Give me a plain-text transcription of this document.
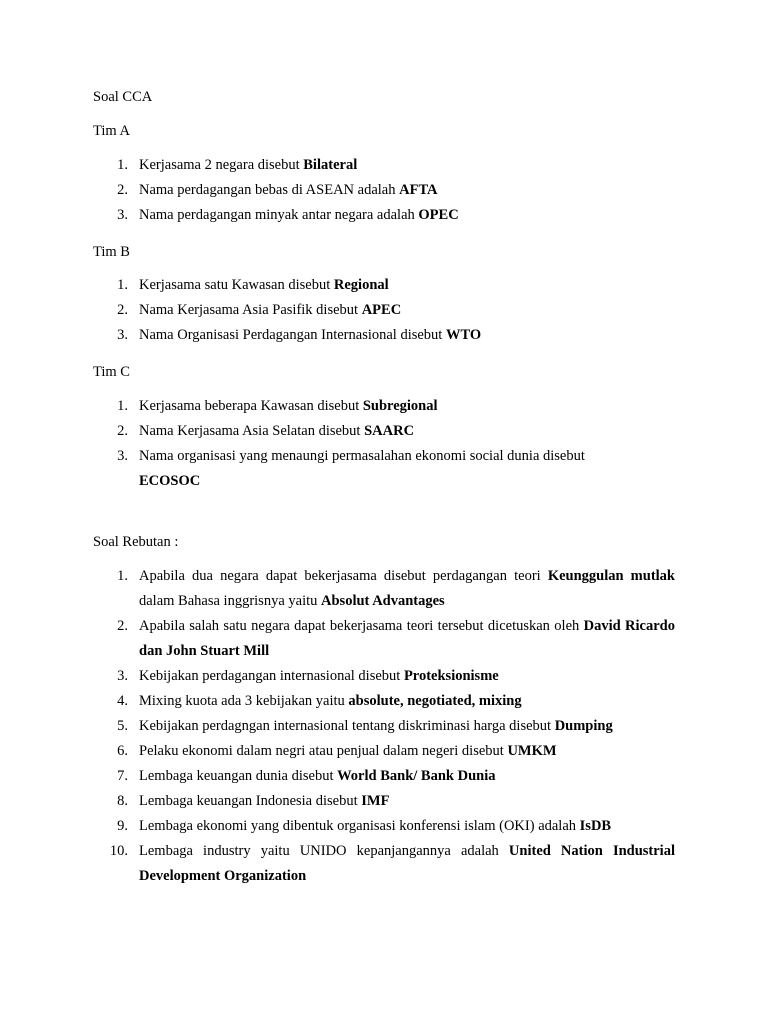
Soal CCA

Tim A

1. Kerjasama 2 negara disebut Bilateral
2. Nama perdagangan bebas di ASEAN adalah AFTA
3. Nama perdagangan minyak antar negara adalah OPEC

Tim B

1. Kerjasama satu Kawasan disebut Regional
2. Nama Kerjasama Asia Pasifik disebut APEC
3. Nama Organisasi Perdagangan Internasional disebut WTO

Tim C

1. Kerjasama beberapa Kawasan disebut Subregional
2. Nama Kerjasama Asia Selatan disebut SAARC
3. Nama organisasi yang menaungi permasalahan ekonomi social dunia disebut
ECOSOC

Soal Rebutan :

1. Apabila dua negara dapat bekerjasama disebut perdagangan teori Keunggulan mutlak dalam Bahasa inggrisnya yaitu Absolut Advantages
2. Apabila salah satu negara dapat bekerjasama teori tersebut dicetuskan oleh David Ricardo dan John Stuart Mill
3. Kebijakan perdagangan internasional disebut Proteksionisme
4. Mixing kuota ada 3 kebijakan yaitu absolute, negotiated, mixing
5. Kebijakan perdagngan internasional tentang diskriminasi harga disebut Dumping
6. Pelaku ekonomi dalam negri atau penjual dalam negeri disebut UMKM
7. Lembaga keuangan dunia disebut World Bank/ Bank Dunia
8. Lembaga keuangan Indonesia disebut IMF
9. Lembaga ekonomi yang dibentuk organisasi konferensi islam (OKI) adalah IsDB
10. Lembaga industry yaitu UNIDO kepanjangannya adalah United Nation Industrial Development Organization
